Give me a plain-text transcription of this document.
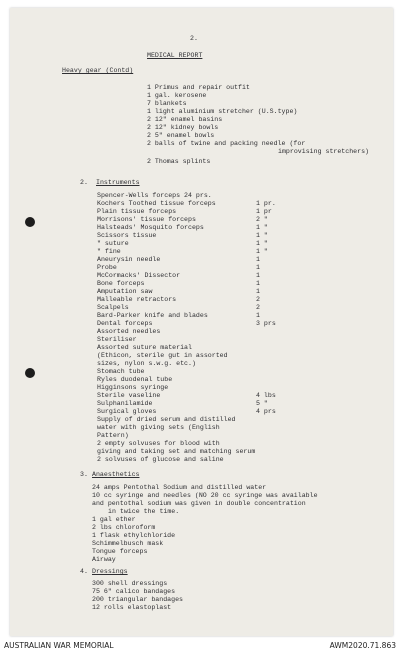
2.
MEDICAL REPORT
Heavy gear (Contd)
1 Primus and repair outfit
1 gal. kerosene
7 blankets
1 light aluminium stretcher (U.S.type)
2 12" enamel basins
2 12" kidney bowls
2 5" enamel bowls
2 balls of twine and packing needle (for
improvising stretchers)
2 Thomas splints
2. Instruments
Spencer-Wells forceps 24 prs.
Kochers Toothed tissue forceps	1 pr.
Plain tissue forceps	1 pr
Morrisons' tissue forceps	2 "
Halsteads' Mosquito forceps	1 "
Scissors tissue	1 "
" suture	1 "
" fine	1 "
Aneurysin needle	1
Probe	1
McCormacks' Dissector	1
Bone forceps	1
Amputation saw	1
Malleable retractors	2
Scalpels	2
Bard-Parker knife and blades	1
Dental forceps	3 prs
Assorted needles
Steriliser
Assorted suture material
(Ethicon, sterile gut in assorted
sizes, nylon s.w.g. etc.)
Stomach tube
Ryles duodenal tube
Higginsons syringe
Sterile vaseline	4 lbs
Sulphanilamide	5 "
Surgical gloves	4 prs
Supply of dried serum and distilled
water with giving sets (English
Pattern)
2 empty solvuses for blood with
giving and taking set and matching serum
2 solvuses of glucose and saline
3. Anaesthetics
24 amps Pentothal Sodium and distilled water
10 cc syringe and needles (NO 20 cc syringe was available
and pentothal sodium was given in double concentration
in twice the time.
1 gal ether
2 lbs chloroform
1 flask ethylchloride
Schimmelbusch mask
Tongue forceps
Airway
4. Dressings
300 shell dressings
75 6" calico bandages
200 triangular bandages
12 rolls elastoplast
AUSTRALIAN WAR MEMORIAL	AWM2020.71.863
